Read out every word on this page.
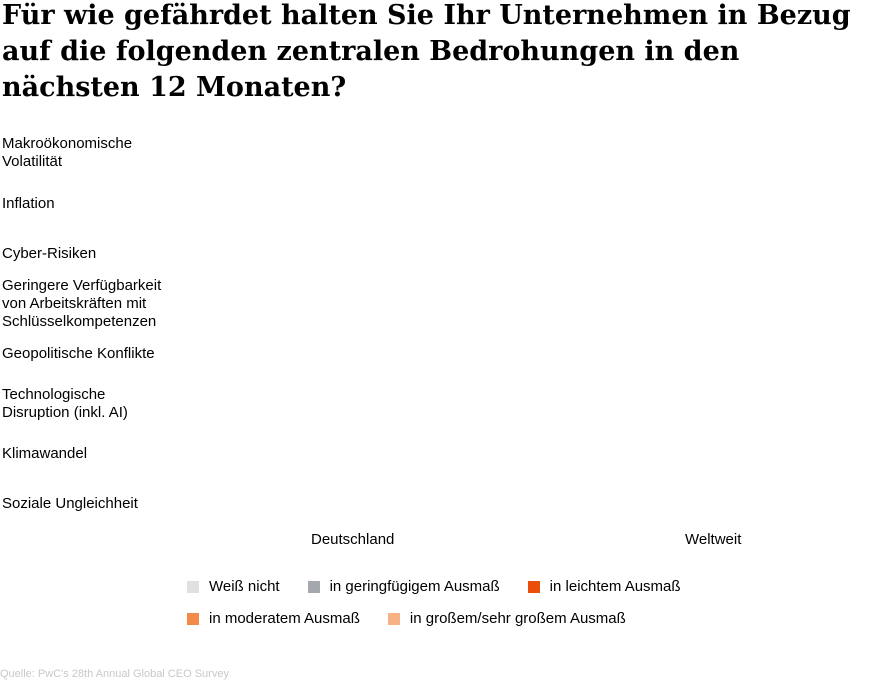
Für wie gefährdet halten Sie Ihr Unternehmen in Bezug auf die folgenden zentralen Bedrohungen in den nächsten 12 Monaten?
Makroökonomische
Volatilität
Inflation
Cyber-Risiken
Geringere Verfügbarkeit
von Arbeitskräften mit
Schlüsselkompetenzen
Geopolitische Konflikte
Technologische
Disruption (inkl. AI)
Klimawandel
Soziale Ungleichheit
Deutschland	Weltweit
Weiß nicht	in geringfügigem Ausmaß	in leichtem Ausmaß
in moderatem Ausmaß	in großem/sehr großem Ausmaß
Quelle: PwC's 28th Annual Global CEO Survey
